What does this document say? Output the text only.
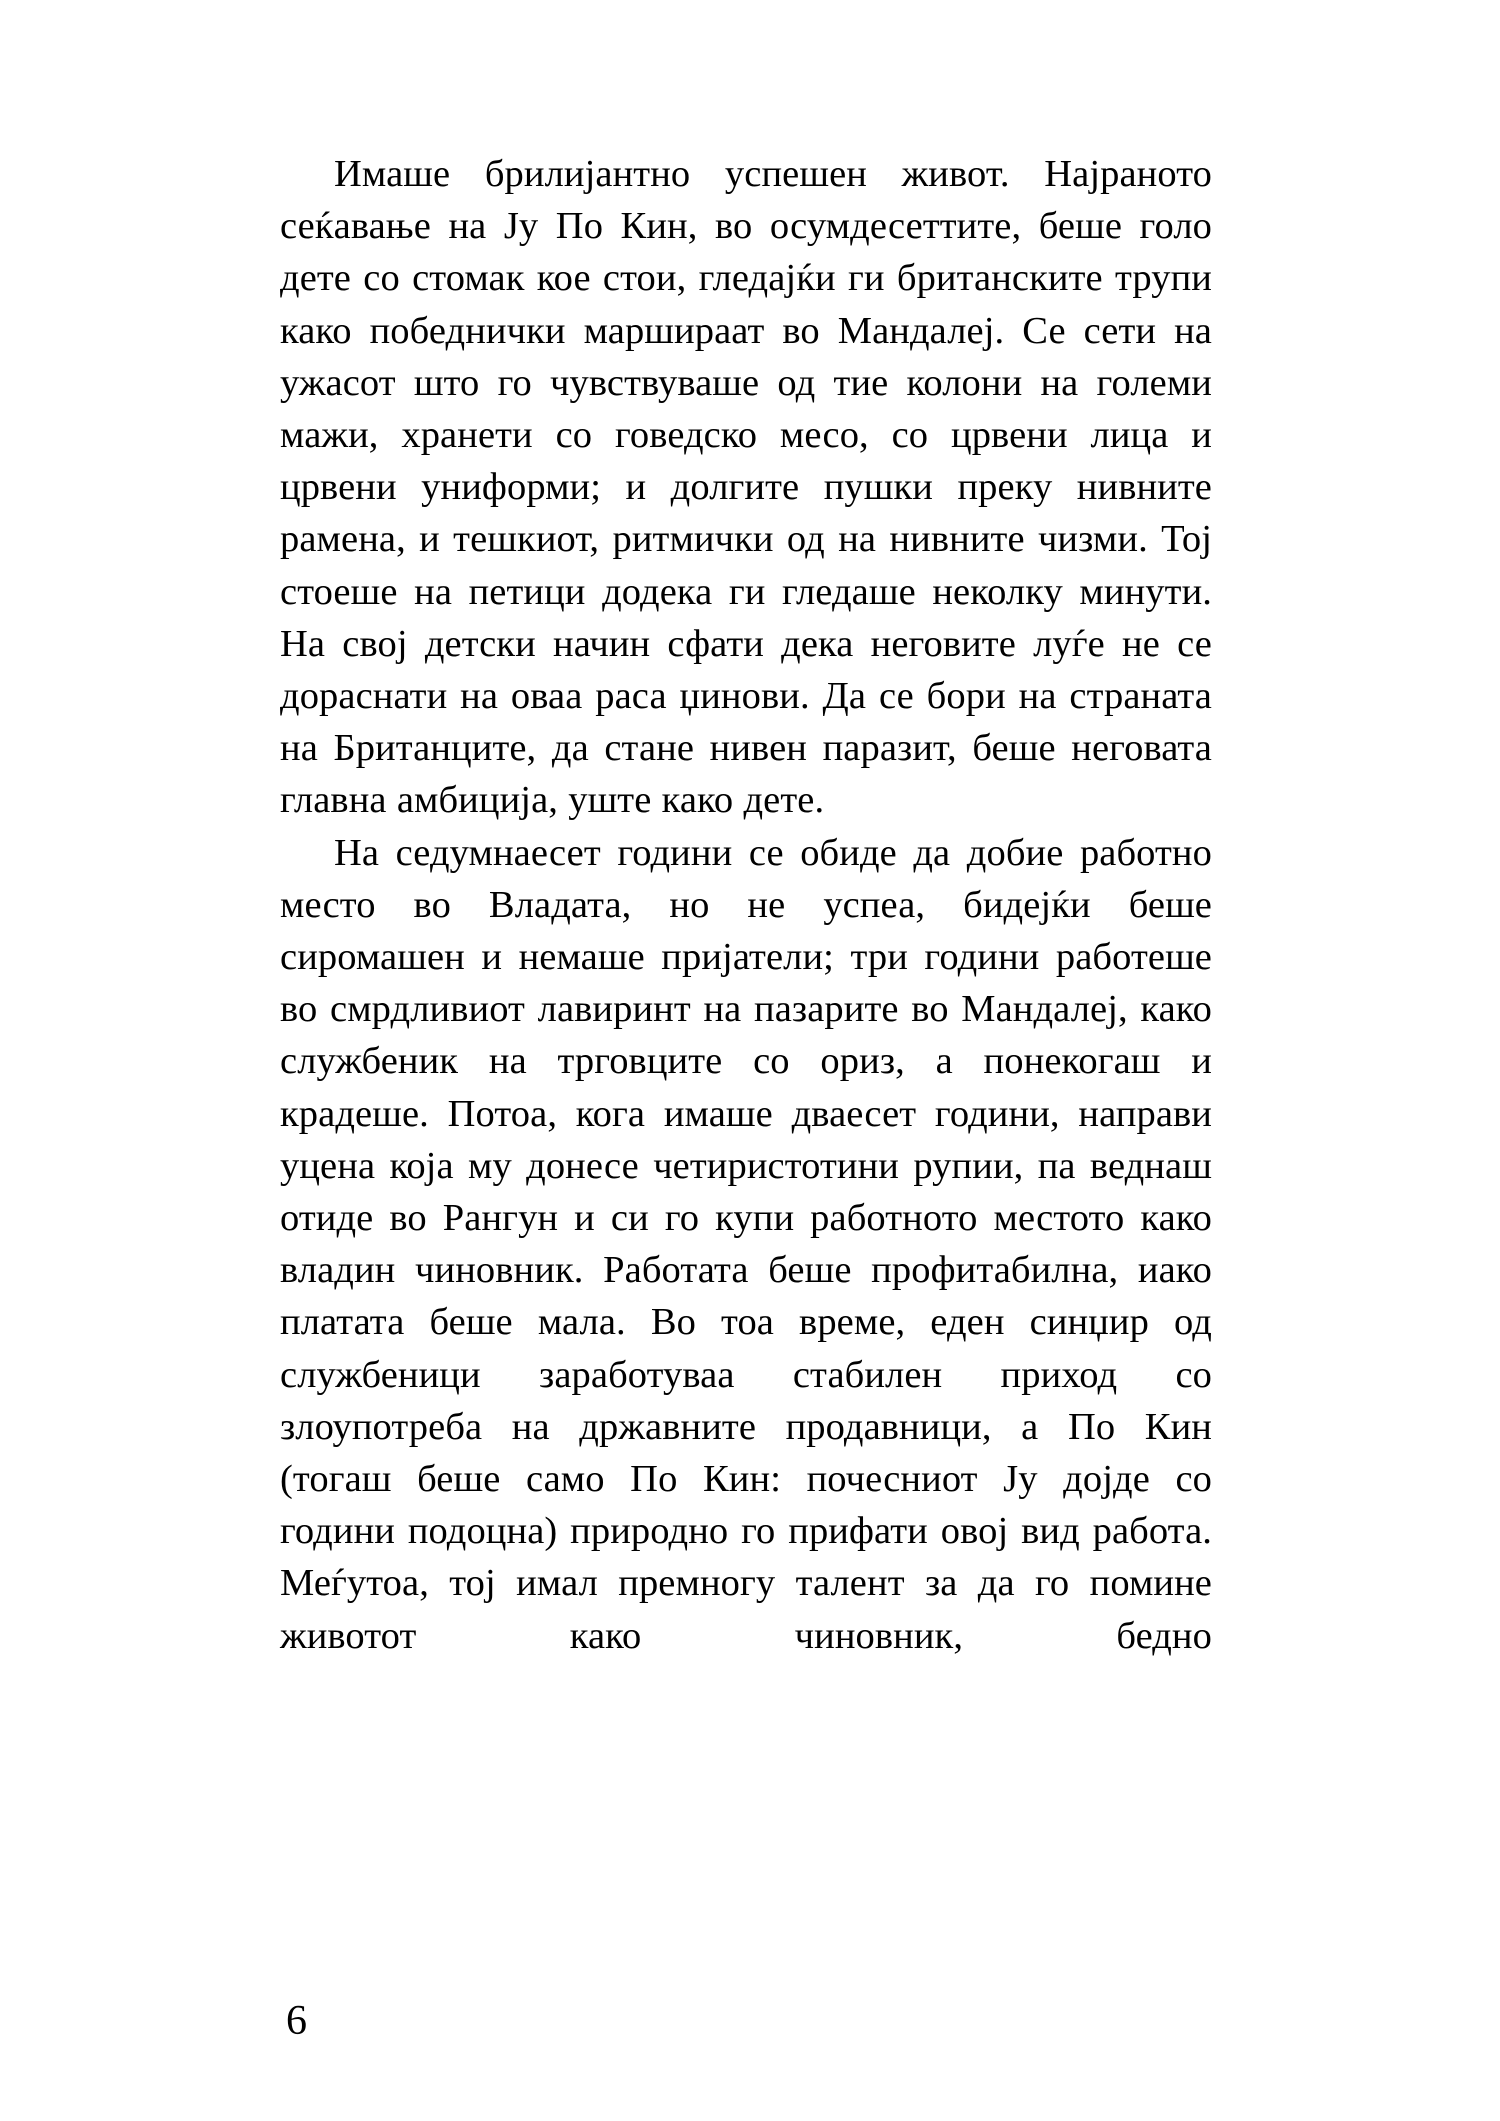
Имаше брилијантно успешен живот. Најраното сеќавање на Ју По Кин, во осумдесеттите, беше голо дете со стомак кое стои, гледајќи ги британските трупи како победнички маршираат во Мандалеј. Се сети на ужасот што го чувствуваше од тие колони на големи мажи, хранети со говедско месо, со црвени лица и црвени униформи; и долгите пушки преку нивните рамена, и тешкиот, ритмички од на нивните чизми. Тој стоеше на петици додека ги гледаше неколку минути. На свој детски начин сфати дека неговите луѓе не се дораснати на оваа раса џинови. Да се бори на страната на Британците, да стане нивен паразит, беше неговата главна амбиција, уште како дете.

На седумнаесет години се обиде да добие работно место во Владата, но не успеа, бидејќи беше сиромашен и немаше пријатели; три години работеше во смрдливиот лавиринт на пазарите во Мандалеј, како службеник на трговците со ориз, а понекогаш и крадеше. Потоа, кога имаше дваесет години, направи уцена која му донесе четиристотини рупии, па веднаш отиде во Рангун и си го купи работното местото како владин чиновник. Работата беше профитабилна, иако платата беше мала. Во тоа време, еден синџир од службеници заработуваа стабилен приход со злоупотреба на државните продавници, а По Кин (тогаш беше само По Кин: почесниот Ју дојде со години подоцна) природно го прифати овој вид работа. Меѓутоа, тој имал премногу талент за да го помине животот како чиновник, бедно

6
